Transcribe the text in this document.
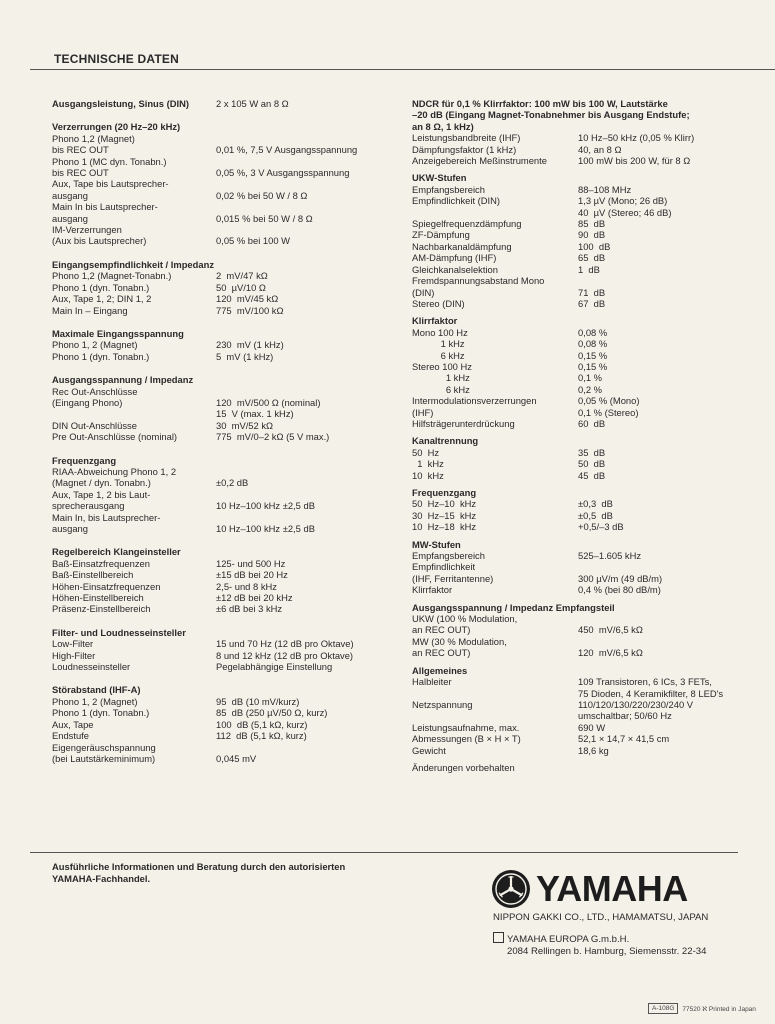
TECHNISCHE DATEN
Ausgangsleistung, Sinus (DIN)	2 x 105 W an 8 Ω
Verzerrungen (20 Hz–20 kHz)
Phono 1,2 (Magnet)
bis REC OUT	0,01 %, 7,5 V Ausgangsspannung
Phono 1 (MC dyn. Tonabn.)
bis REC OUT	0,05 %, 3 V Ausgangsspannung
Aux, Tape bis Lautsprecher-
ausgang	0,02 % bei 50 W / 8 Ω
Main In bis Lautsprecher-
ausgang	0,015 % bei 50 W / 8 Ω
IM-Verzerrungen
(Aux bis Lautsprecher)	0,05 % bei 100 W
Eingangsempfindlichkeit / Impedanz
Phono 1,2 (Magnet-Tonabn.)	2  mV/47 kΩ
Phono 1 (dyn. Tonabn.)	50  µV/10 Ω
Aux, Tape 1, 2; DIN 1, 2	120  mV/45 kΩ
Main In – Eingang	775  mV/100 kΩ
Maximale Eingangsspannung
Phono 1, 2 (Magnet)	230  mV (1 kHz)
Phono 1 (dyn. Tonabn.)	5  mV (1 kHz)
Ausgangsspannung / Impedanz
Rec Out-Anschlüsse
(Eingang Phono)	120  mV/500 Ω (nominal)
15  V (max. 1 kHz)
DIN Out-Anschlüsse	30  mV/52 kΩ
Pre Out-Anschlüsse (nominal)	775  mV/0–2 kΩ (5 V max.)
Frequenzgang
RIAA-Abweichung Phono 1, 2
(Magnet / dyn. Tonabn.)	±0,2 dB
Aux, Tape 1, 2 bis Laut-
sprecherausgang	10 Hz–100 kHz ±2,5 dB
Main In, bis Lautsprecher-
ausgang	10 Hz–100 kHz ±2,5 dB
Regelbereich Klangeinsteller
Baß-Einsatzfrequenzen	125- und 500 Hz
Baß-Einstellbereich	±15 dB bei 20 Hz
Höhen-Einsatzfrequenzen	2,5- und 8 kHz
Höhen-Einstellbereich	±12 dB bei 20 kHz
Präsenz-Einstellbereich	±6 dB bei 3 kHz
Filter- und Loudnesseinsteller
Low-Filter	15 und 70 Hz (12 dB pro Oktave)
High-Filter	8 und 12 kHz (12 dB pro Oktave)
Loudnesseinsteller	Pegelabhängige Einstellung
Störabstand (IHF-A)
Phono 1, 2 (Magnet)	95  dB (10 mV/kurz)
Phono 1 (dyn. Tonabn.)	85  dB (250 µV/50 Ω, kurz)
Aux, Tape	100  dB (5,1 kΩ, kurz)
Endstufe	112  dB (5,1 kΩ, kurz)
Eigengeräuschspannung
(bei Lautstärkeminimum)	0,045 mV
NDCR für 0,1 % Klirrfaktor: 100 mW bis 100 W, Lautstärke
–20 dB (Eingang Magnet-Tonabnehmer bis Ausgang Endstufe;
an 8 Ω, 1 kHz)
Leistungsbandbreite (IHF)	10 Hz–50 kHz (0,05 % Klirr)
Dämpfungsfaktor (1 kHz)	40, an 8 Ω
Anzeigebereich Meßinstrumente	100 mW bis 200 W, für 8 Ω
UKW-Stufen
Empfangsbereich	88–108 MHz
Empfindlichkeit (DIN)	1,3 µV (Mono; 26 dB)
40  µV (Stereo; 46 dB)
Spiegelfrequenzdämpfung	85  dB
ZF-Dämpfung	90  dB
Nachbarkanaldämpfung	100  dB
AM-Dämpfung (IHF)	65  dB
Gleichkanalselektion	1  dB
Fremdspannungsabstand Mono
(DIN)	71  dB
Stereo (DIN)	67  dB
Klirrfaktor
Mono 100 Hz	0,08 %
1 kHz	0,08 %
6 kHz	0,15 %
Stereo 100 Hz	0,15 %
1 kHz	0,1 %
6 kHz	0,2 %
Intermodulationsverzerrungen	0,05 % (Mono)
(IHF)	0,1 % (Stereo)
Hilfsträgerunterdrückung	60  dB
Kanaltrennung
50  Hz	35  dB
1  kHz	50  dB
10  kHz	45  dB
Frequenzgang
50  Hz–10  kHz	±0,3  dB
30  Hz–15  kHz	±0,5  dB
10  Hz–18  kHz	+0,5/–3 dB
MW-Stufen
Empfangsbereich	525–1.605 kHz
Empfindlichkeit
(IHF, Ferritantenne)	300 µV/m (49 dB/m)
Klirrfaktor	0,4 % (bei 80 dB/m)
Ausgangsspannung / Impedanz Empfangsteil
UKW (100 % Modulation,
an REC OUT)	450  mV/6,5 kΩ
MW (30 % Modulation,
an REC OUT)	120  mV/6,5 kΩ
Allgemeines
Halbleiter	109 Transistoren, 6 ICs, 3 FETs,
75 Dioden, 4 Keramikfilter, 8 LED's
Netzspannung	110/120/130/220/230/240 V
umschaltbar; 50/60 Hz
Leistungsaufnahme, max.	690 W
Abmessungen (B × H × T)	52,1 × 14,7 × 41,5 cm
Gewicht	18,6 kg
Änderungen vorbehalten
Ausführliche Informationen und Beratung durch den autorisierten
YAMAHA-Fachhandel.	YAMAHA
NIPPON GAKKI CO., LTD., HAMAMATSU, JAPAN
YAMAHA EUROPA G.m.b.H.
2084 Rellingen b. Hamburg, Siemensstr. 22-34
A-108G	77520 ℵ Printed in Japan
